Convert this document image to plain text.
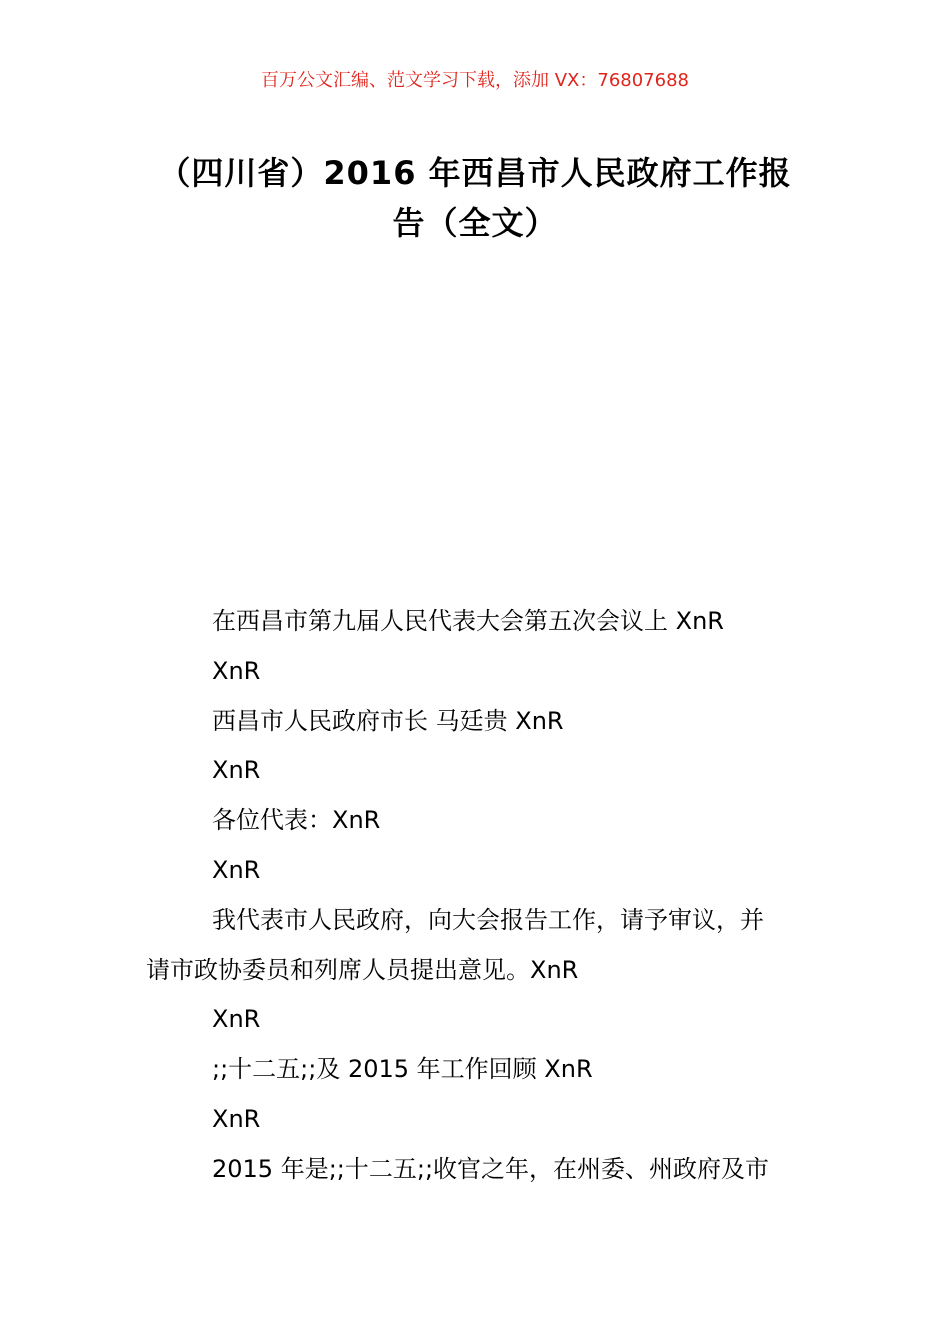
百万公文汇编、范文学习下载，添加 VX：76807688
（四川省）2016 年西昌市人民政府工作报
告（全文）
在西昌市第九届人民代表大会第五次会议上 XnR
XnR
西昌市人民政府市长 马廷贵 XnR
XnR
各位代表：XnR
XnR
我代表市人民政府，向大会报告工作，请予审议，并
请市政协委员和列席人员提出意见。XnR
XnR
;;十二五;;及 2015 年工作回顾 XnR
XnR
2015 年是;;十二五;;收官之年，在州委、州政府及市
